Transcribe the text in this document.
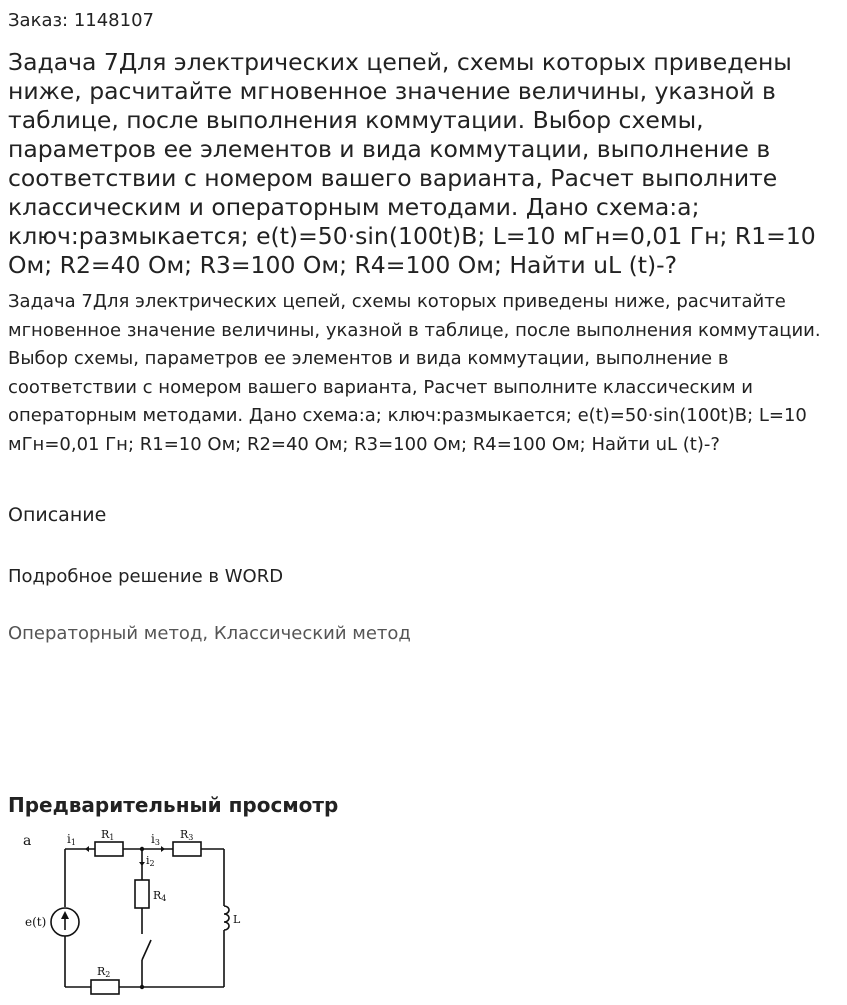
Заказ: 1148107
Задача 7Для электрических цепей, схемы которых приведены ниже, расчитайте мгновенное значение величины, указной в таблице, после выполнения коммутации. Выбор схемы, параметров ее элементов и вида коммутации, выполнение в соответствии с номером вашего варианта, Расчет выполните классическим и операторным методами. Дано схема:а; ключ:размыкается; e(t)=50·sin(100t)В; L=10 мГн=0,01 Гн; R1=10 Ом; R2=40 Ом; R3=100 Ом; R4=100 Ом; Найти uL (t)-?

Задача 7Для электрических цепей, схемы которых приведены ниже, расчитайте мгновенное значение величины, указной в таблице, после выполнения коммутации. Выбор схемы, параметров ее элементов и вида коммутации, выполнение в соответствии с номером вашего варианта, Расчет выполните классическим и операторным методами. Дано схема:а; ключ:размыкается; e(t)=50·sin(100t)В; L=10 мГн=0,01 Гн; R1=10 Ом; R2=40 Ом; R3=100 Ом; R4=100 Ом; Найти uL (t)-?

Описание
Подробное решение в WORD
Операторный метод, Классический метод
Предварительный просмотр
а
e(t)
i1
R1	i3
R3
i2
R4
L
R2
